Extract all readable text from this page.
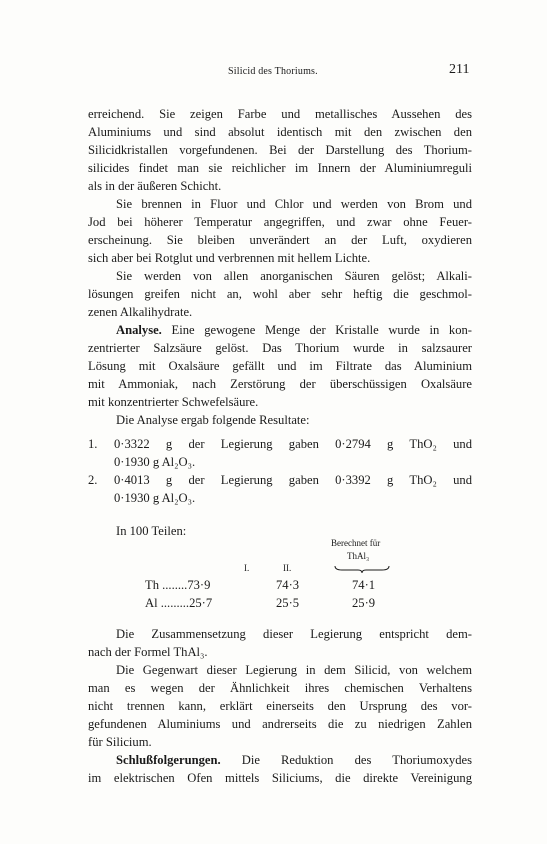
Silicid des Thoriums.	211
erreichend. Sie zeigen Farbe und metallisches Aussehen des
Aluminiums und sind absolut identisch mit den zwischen den
Silicidkristallen vorgefundenen. Bei der Darstellung des Thorium-
silicides findet man sie reichlicher im Innern der Aluminiumreguli
als in der äußeren Schicht.
Sie brennen in Fluor und Chlor und werden von Brom und
Jod bei höherer Temperatur angegriffen, und zwar ohne Feuer-
erscheinung. Sie bleiben unverändert an der Luft, oxydieren
sich aber bei Rotglut und verbrennen mit hellem Lichte.
Sie werden von allen anorganischen Säuren gelöst; Alkali-
lösungen greifen nicht an, wohl aber sehr heftig die geschmol-
zenen Alkalihydrate.
Analyse. Eine gewogene Menge der Kristalle wurde in kon-
zentrierter Salzsäure gelöst. Das Thorium wurde in salzsaurer
Lösung mit Oxalsäure gefällt und im Filtrate das Aluminium
mit Ammoniak, nach Zerstörung der überschüssigen Oxalsäure
mit konzentrierter Schwefelsäure.
Die Analyse ergab folgende Resultate:
1. 0·3322 g der Legierung gaben 0·2794 g ThO₂ und
0·1930 g Al₂O₃.
2. 0·4013 g der Legierung gaben 0·3392 g ThO₂ und
0·1930 g Al₂O₃.
In 100 Teilen:
Berechnet für
ThAl₃
I.	II.
Th ........73·9	74·3	74·1
Al .........25·7	25·5	25·9
Die Zusammensetzung dieser Legierung entspricht dem-
nach der Formel ThAl₃.
Die Gegenwart dieser Legierung in dem Silicid, von welchem
man es wegen der Ähnlichkeit ihres chemischen Verhaltens
nicht trennen kann, erklärt einerseits den Ursprung des vor-
gefundenen Aluminiums und andrerseits die zu niedrigen Zahlen
für Silicium.
Schlußfolgerungen. Die Reduktion des Thoriumoxydes
im elektrischen Ofen mittels Siliciums, die direkte Vereinigung
